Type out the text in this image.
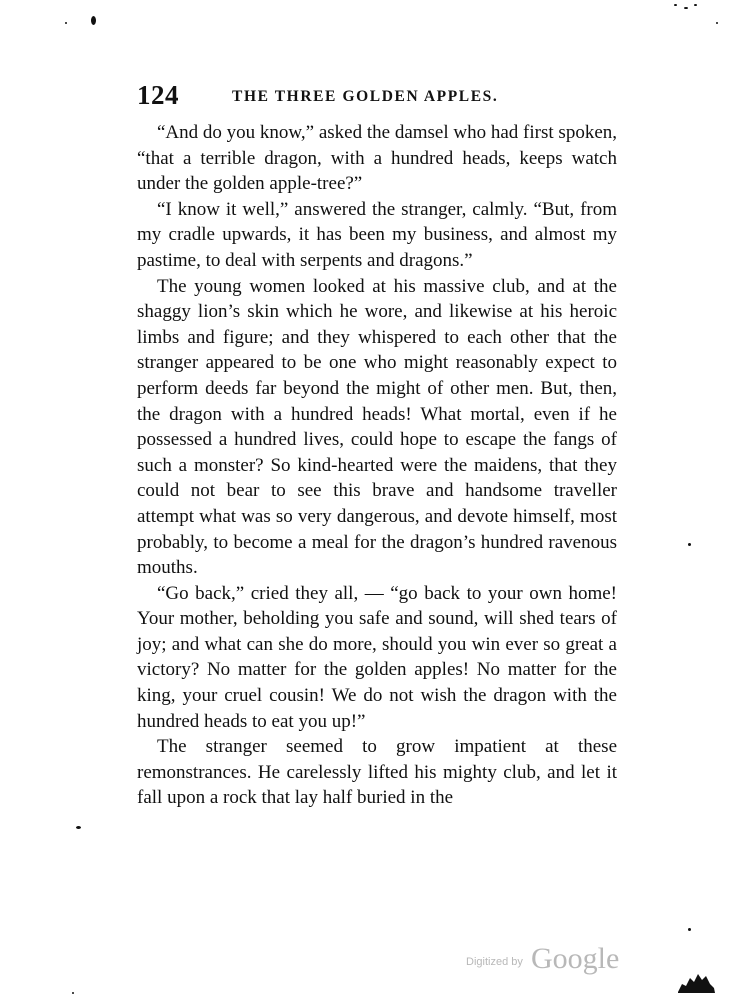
124	THE THREE GOLDEN APPLES.

“And do you know,” asked the damsel who had first spoken, “that a terrible dragon, with a hundred heads, keeps watch under the golden apple-tree?”

“I know it well,” answered the stranger, calmly. “But, from my cradle upwards, it has been my business, and almost my pastime, to deal with serpents and dragons.”

The young women looked at his massive club, and at the shaggy lion’s skin which he wore, and likewise at his heroic limbs and figure; and they whispered to each other that the stranger appeared to be one who might reasonably expect to perform deeds far beyond the might of other men. But, then, the dragon with a hundred heads! What mortal, even if he possessed a hundred lives, could hope to escape the fangs of such a monster? So kind-hearted were the maidens, that they could not bear to see this brave and handsome traveller attempt what was so very dangerous, and devote himself, most probably, to become a meal for the dragon’s hundred ravenous mouths.

“Go back,” cried they all, — “go back to your own home! Your mother, beholding you safe and sound, will shed tears of joy; and what can she do more, should you win ever so great a victory? No matter for the golden apples! No matter for the king, your cruel cousin! We do not wish the dragon with the hundred heads to eat you up!”

The stranger seemed to grow impatient at these remonstrances. He carelessly lifted his mighty club, and let it fall upon a rock that lay half buried in the

Digitized by Google
